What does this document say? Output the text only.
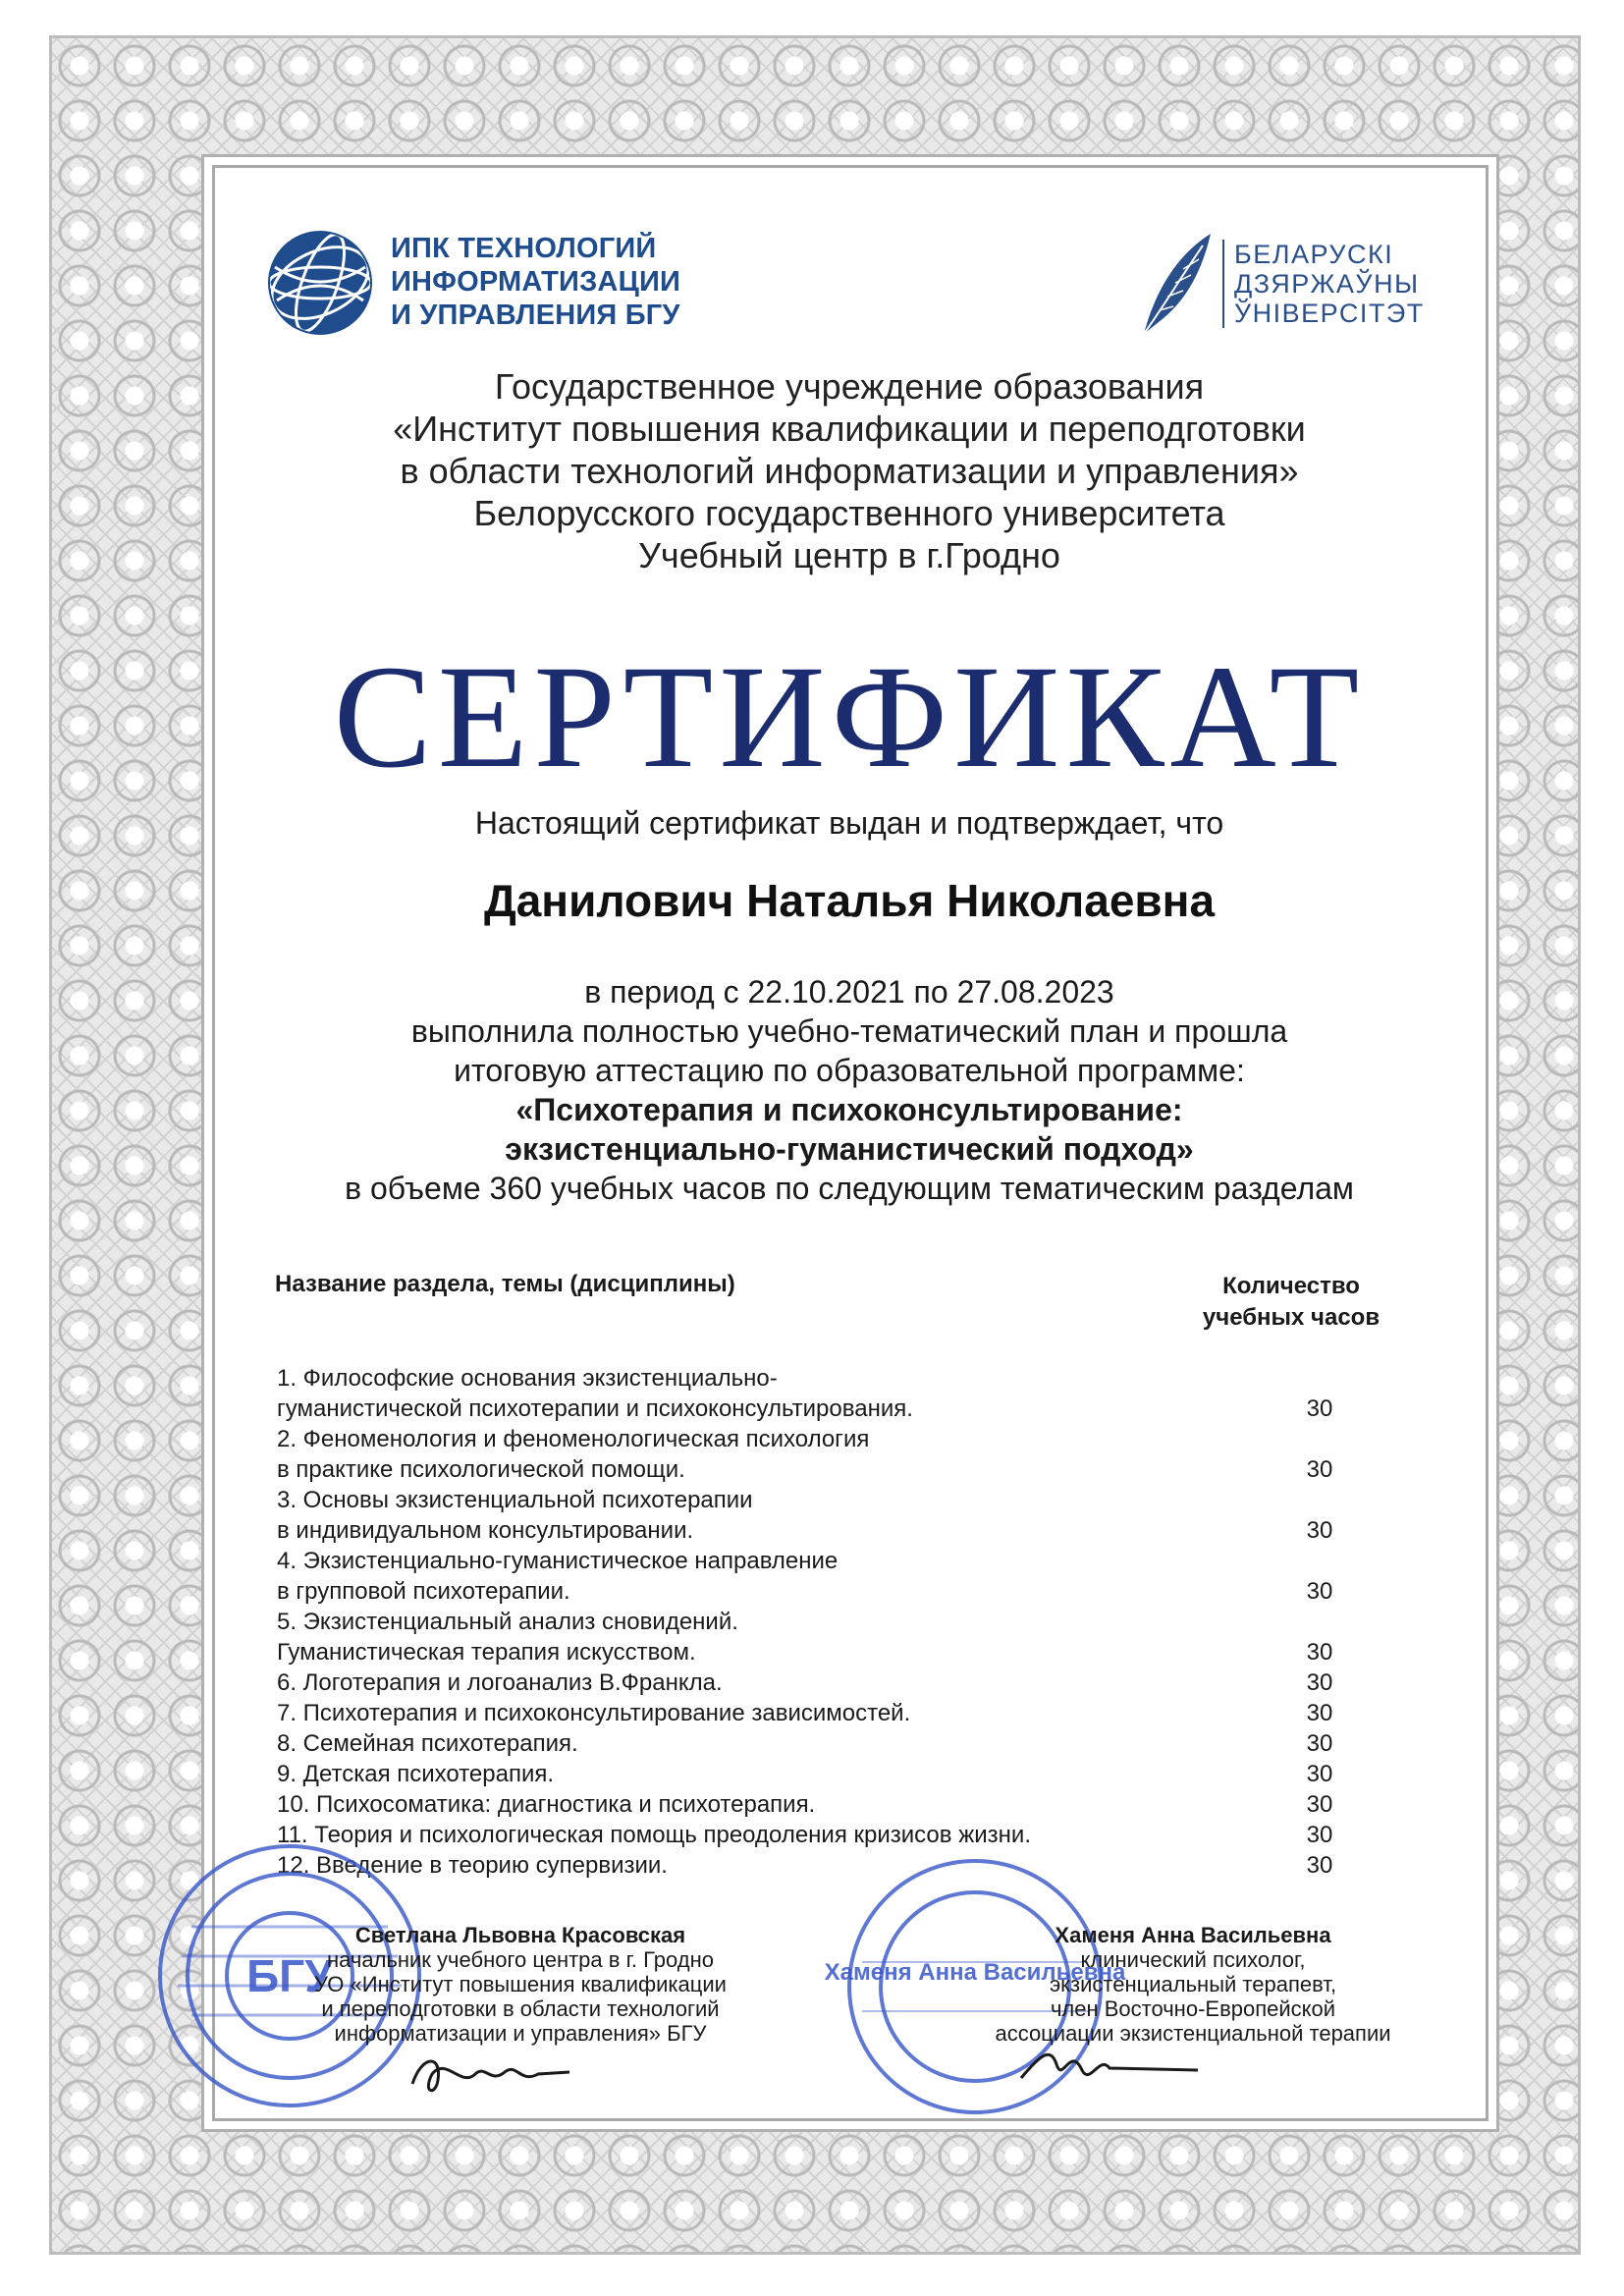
ИПК ТЕХНОЛОГИЙ
ИНФОРМАТИЗАЦИИ
И УПРАВЛЕНИЯ БГУ
БЕЛАРУСКІ
ДЗЯРЖАЎНЫ
ЎНІВЕРСІТЭТ
Государственное учреждение образования
«Институт повышения квалификации и переподготовки
в области технологий информатизации и управления»
Белорусского государственного университета
Учебный центр в г.Гродно
СЕРТИФИКАТ
Настоящий сертификат выдан и подтверждает, что
Данилович Наталья Николаевна
в период с 22.10.2021 по 27.08.2023
выполнила полностью учебно-тематический план и прошла
итоговую аттестацию по образовательной программе:
«Психотерапия и психоконсультирование:
экзистенциально-гуманистический подход»
в объеме 360 учебных часов по следующим тематическим разделам
Название раздела, темы (дисциплины)	Количество
учебных часов
1. Философские основания экзистенциально-
гуманистической психотерапии и психоконсультирования.	30
2. Феноменология и феноменологическая психология
в практике психологической помощи.	30
3. Основы экзистенциальной психотерапии
в индивидуальном консультировании.	30
4. Экзистенциально-гуманистическое направление
в групповой психотерапии.	30
5. Экзистенциальный анализ сновидений.
Гуманистическая терапия искусством.	30
6. Логотерапия и логоанализ В.Франкла.	30
7. Психотерапия и психоконсультирование зависимостей.	30
8. Семейная психотерапия.	30
9. Детская психотерапия.	30
10. Психосоматика: диагностика и психотерапия.	30
11. Теория и психологическая помощь преодоления кризисов жизни.	30
12. Введение в теорию супервизии.	30
БГУ	Хаменя Анна Васильевна
Светлана Львовна Красовская
начальник учебного центра в г. Гродно
УО «Институт повышения квалификации
и переподготовки в области технологий
информатизации и управления» БГУ
Хаменя Анна Васильевна
клинический психолог,
экзистенциальный терапевт,
член Восточно-Европейской
ассоциации экзистенциальной терапии
